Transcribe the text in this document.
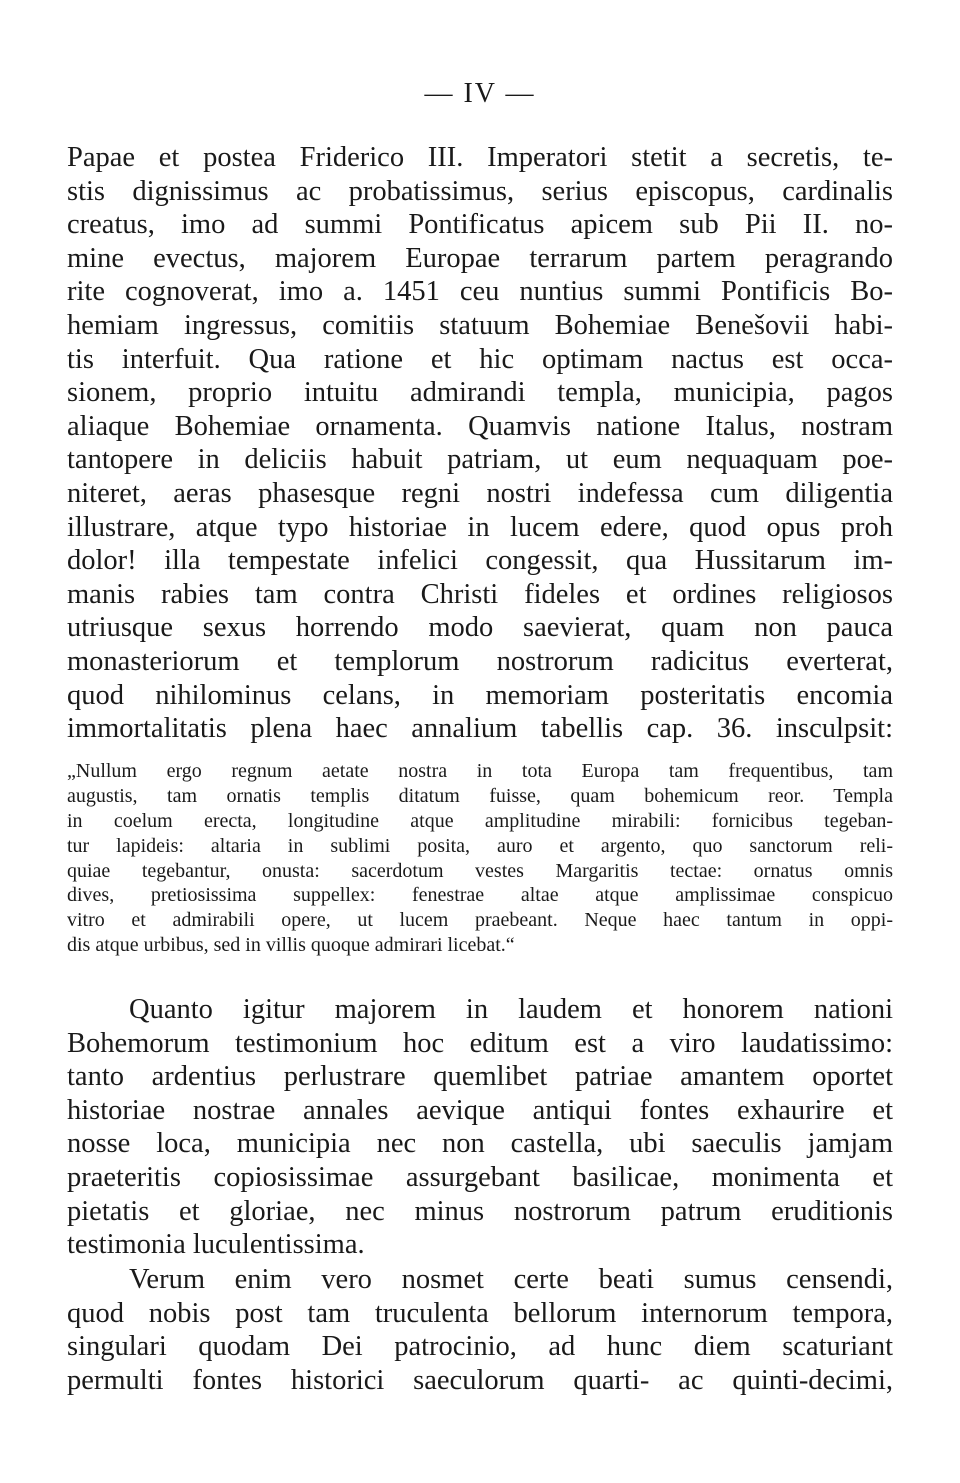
— IV —
Papae et postea Friderico III. Imperatori stetit a secretis, te-
stis dignissimus ac probatissimus, serius episcopus, cardinalis
creatus, imo ad summi Pontificatus apicem sub Pii II. no-
mine evectus, majorem Europae terrarum partem peragrando
rite cognoverat, imo a. 1451 ceu nuntius summi Pontificis Bo-
hemiam ingressus, comitiis statuum Bohemiae Benešovii habi-
tis interfuit. Qua ratione et hic optimam nactus est occa-
sionem, proprio intuitu admirandi templa, municipia, pagos
aliaque Bohemiae ornamenta. Quamvis natione Italus, nostram
tantopere in deliciis habuit patriam, ut eum nequaquam poe-
niteret, aeras phasesque regni nostri indefessa cum diligentia
illustrare, atque typo historiae in lucem edere, quod opus proh
dolor! illa tempestate infelici congessit, qua Hussitarum im-
manis rabies tam contra Christi fideles et ordines religiosos
utriusque sexus horrendo modo saevierat, quam non pauca
monasteriorum et templorum nostrorum radicitus everterat,
quod nihilominus celans, in memoriam posteritatis encomia
immortalitatis plena haec annalium tabellis cap. 36. insculpsit:
„Nullum ergo regnum aetate nostra in tota Europa tam frequentibus, tam
augustis, tam ornatis templis ditatum fuisse, quam bohemicum reor. Templa
in coelum erecta, longitudine atque amplitudine mirabili: fornicibus tegeban-
tur lapideis: altaria in sublimi posita, auro et argento, quo sanctorum reli-
quiae tegebantur, onusta: sacerdotum vestes Margaritis tectae: ornatus omnis
dives, pretiosissima suppellex: fenestrae altae atque amplissimae conspicuo
vitro et admirabili opere, ut lucem praebeant. Neque haec tantum in oppi-
dis atque urbibus, sed in villis quoque admirari licebat.“
Quanto igitur majorem in laudem et honorem nationi
Bohemorum testimonium hoc editum est a viro laudatissimo:
tanto ardentius perlustrare quemlibet patriae amantem oportet
historiae nostrae annales aevique antiqui fontes exhaurire et
nosse loca, municipia nec non castella, ubi saeculis jamjam
praeteritis copiosissimae assurgebant basilicae, monimenta et
pietatis et gloriae, nec minus nostrorum patrum eruditionis
testimonia luculentissima.
Verum enim vero nosmet certe beati sumus censendi,
quod nobis post tam truculenta bellorum internorum tempora,
singulari quodam Dei patrocinio, ad hunc diem scaturiant
permulti fontes historici saeculorum quarti- ac quinti-decimi,
